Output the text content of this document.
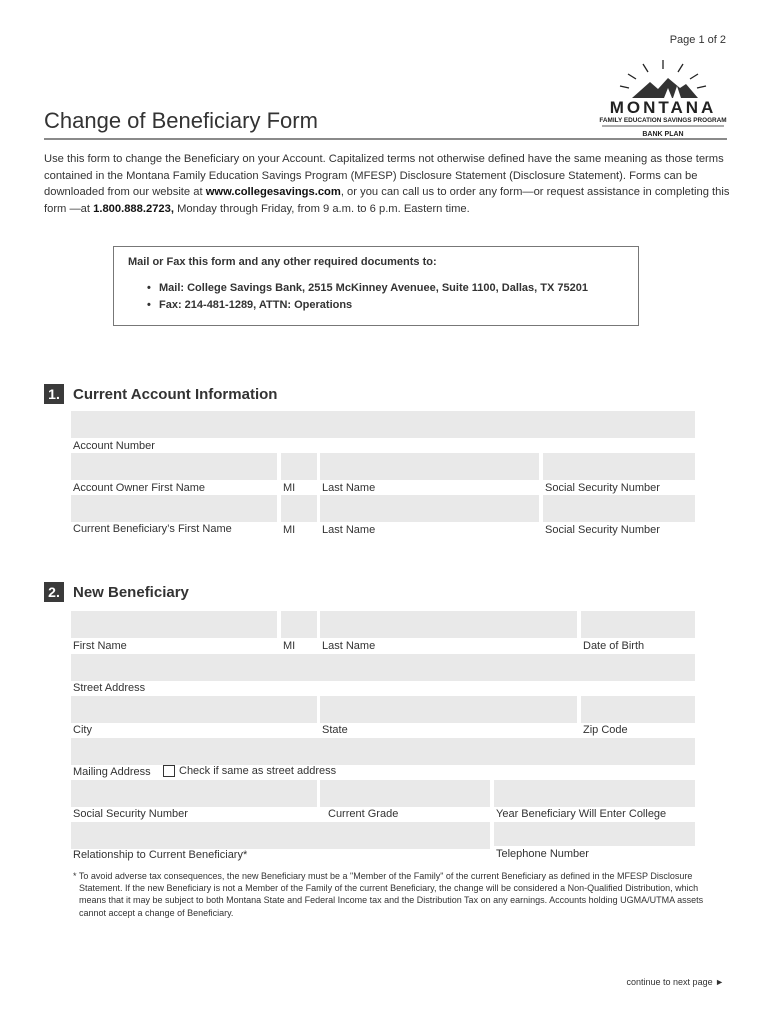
Page 1 of 2
MONTANA
FAMILY EDUCATION SAVINGS PROGRAM
BANK PLAN
Change of Beneficiary Form
Use this form to change the Beneficiary on your Account. Capitalized terms not otherwise defined have the same meaning as those terms contained in the Montana Family Education Savings Program (MFESP) Disclosure Statement (Disclosure Statement). Forms can be downloaded from our website at www.collegesavings.com, or you can call us to order any form—or request assistance in completing this form —at 1.800.888.2723, Monday through Friday, from 9 a.m. to 6 p.m. Eastern time.
Mail or Fax this form and any other required documents to:
• Mail: College Savings Bank, 2515 McKinney Avenuee, Suite 1100, Dallas, TX 75201
• Fax: 214-481-1289, ATTN: Operations
1. Current Account Information
Account Number
Account Owner First Name	MI Last Name	Social Security Number
Current Beneficiary’s First Name	MI Last Name	Social Security Number
2. New Beneficiary
First Name	MI Last Name	Date of Birth
Street Address
City	State	Zip Code
Mailing Address	Check if same as street address
Social Security Number	Current Grade	Year Beneficiary Will Enter College
Relationship to Current Beneficiary*	Telephone Number
* To avoid adverse tax consequences, the new Beneficiary must be a "Member of the Family" of the current Beneficiary as defined in the MFESP Disclosure Statement. If the new Beneficiary is not a Member of the Family of the current Beneficiary, the change will be considered a Non-Qualified Distribution, which means that it may be subject to both Montana State and Federal Income tax and the Distribution Tax on any earnings. Accounts holding UGMA/UTMA assets cannot accept a change of Beneficiary.
continue to next page ►
